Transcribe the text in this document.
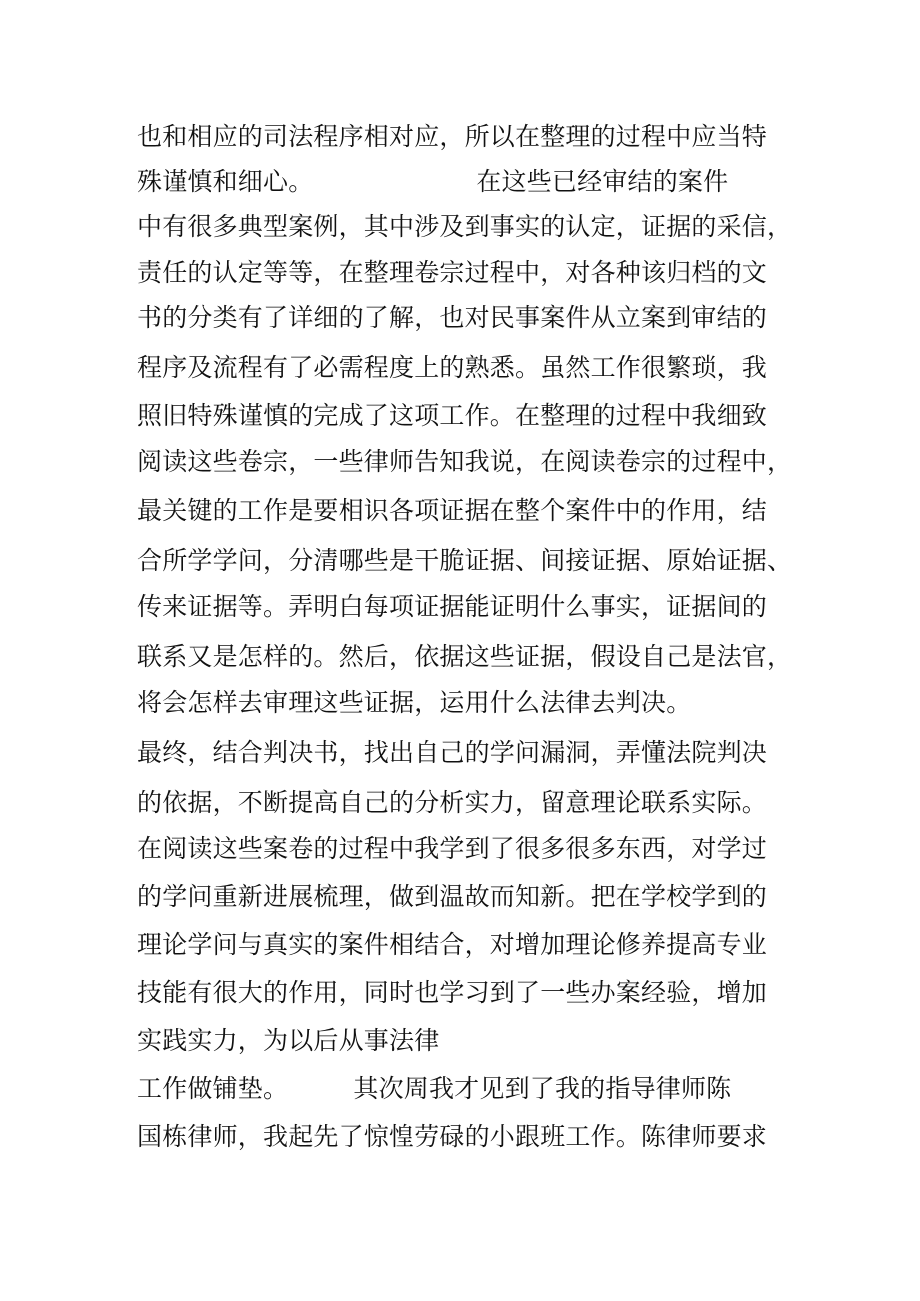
也和相应的司法程序相对应，所以在整理的过程中应当特

殊谨慎和细心。                    在这些已经审结的案件

中有很多典型案例，其中涉及到事实的认定，证据的采信，

责任的认定等等，在整理卷宗过程中，对各种该归档的文

书的分类有了详细的了解，也对民事案件从立案到审结的

程序及流程有了必需程度上的熟悉。虽然工作很繁琐，我

照旧特殊谨慎的完成了这项工作。在整理的过程中我细致

阅读这些卷宗，一些律师告知我说，在阅读卷宗的过程中，

最关键的工作是要相识各项证据在整个案件中的作用，结

合所学学问，分清哪些是干脆证据、间接证据、原始证据、

传来证据等。弄明白每项证据能证明什么事实，证据间的

联系又是怎样的。然后，依据这些证据，假设自己是法官，

将会怎样去审理这些证据，运用什么法律去判决。

最终，结合判决书，找出自己的学问漏洞，弄懂法院判决

的依据，不断提高自己的分析实力，留意理论联系实际。

在阅读这些案卷的过程中我学到了很多很多东西，对学过

的学问重新进展梳理，做到温故而知新。把在学校学到的

理论学问与真实的案件相结合，对增加理论修养提高专业

技能有很大的作用，同时也学习到了一些办案经验，增加

实践实力，为以后从事法律

工作做铺垫。        其次周我才见到了我的指导律师陈

国栋律师，我起先了惊惶劳碌的小跟班工作。陈律师要求
